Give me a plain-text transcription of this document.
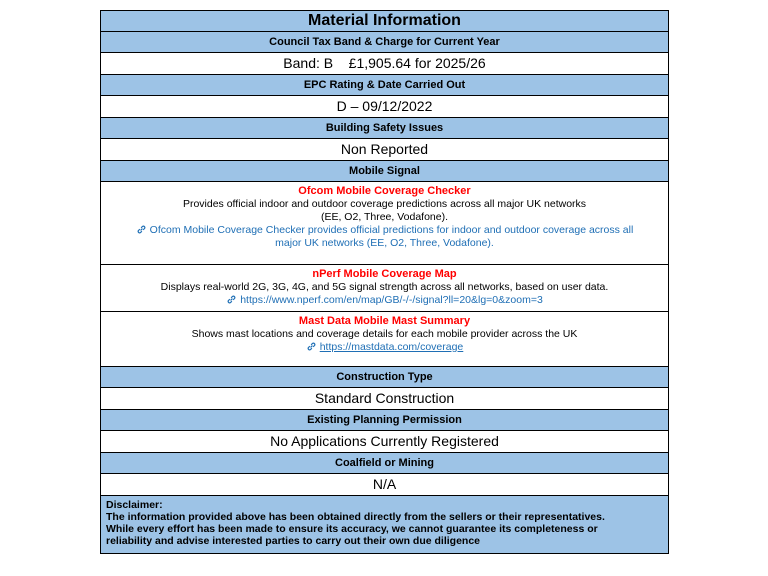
Material Information
Council Tax Band & Charge for Current Year
Band: B    £1,905.64 for 2025/26
EPC Rating & Date Carried Out
D – 09/12/2022
Building Safety Issues
Non Reported
Mobile Signal
Ofcom Mobile Coverage Checker
Provides official indoor and outdoor coverage predictions across all major UK networks
(EE, O2, Three, Vodafone).
Ofcom Mobile Coverage Checker provides official predictions for indoor and outdoor coverage across all
major UK networks (EE, O2, Three, Vodafone).
nPerf Mobile Coverage Map
Displays real-world 2G, 3G, 4G, and 5G signal strength across all networks, based on user data.
https://www.nperf.com/en/map/GB/-/-/signal?ll=20&lg=0&zoom=3
Mast Data Mobile Mast Summary
Shows mast locations and coverage details for each mobile provider across the UK
https://mastdata.com/coverage
Construction Type
Standard Construction
Existing Planning Permission
No Applications Currently Registered
Coalfield or Mining
N/A
Disclaimer:
The information provided above has been obtained directly from the sellers or their representatives.
While every effort has been made to ensure its accuracy, we cannot guarantee its completeness or
reliability and advise interested parties to carry out their own due diligence
